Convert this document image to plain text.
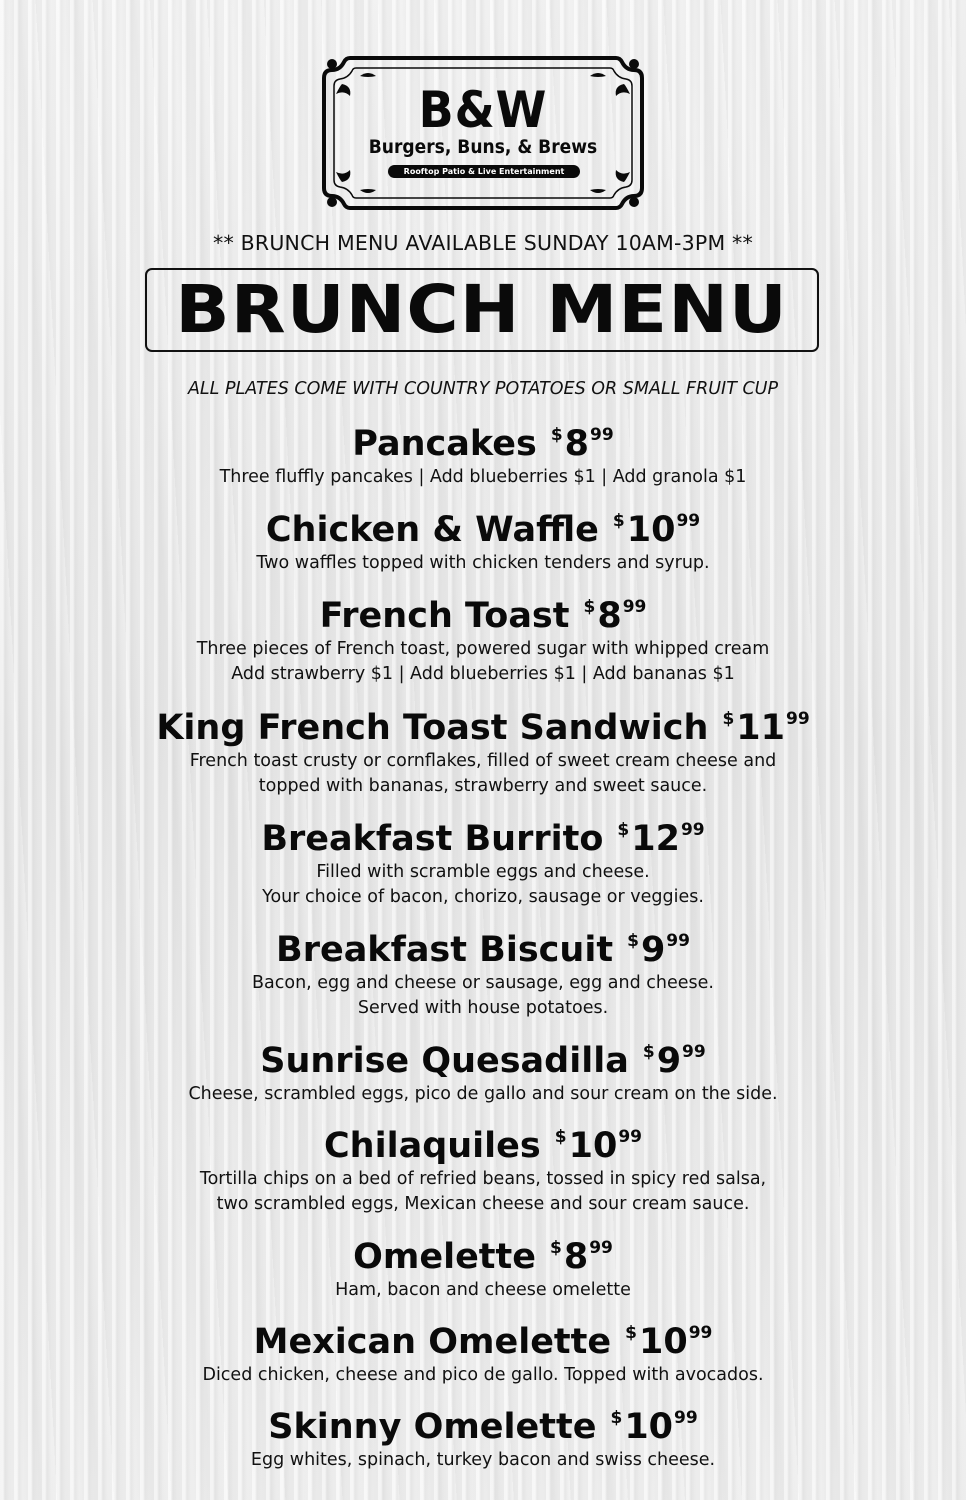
B&W
Burgers, Buns, & Brews
Rooftop Patio & Live Entertainment
** BRUNCH MENU AVAILABLE SUNDAY 10AM-3PM **
BRUNCH MENU
ALL PLATES COME WITH COUNTRY POTATOES OR SMALL FRUIT CUP
Pancakes $^{\$}8^{99}$
Three fluffly pancakes | Add blueberries $1 | Add granola $1
Chicken & Waffle $^{\$}10^{99}$
Two waffles topped with chicken tenders and syrup.
French Toast $^{\$}8^{99}$
Three pieces of French toast, powered sugar with whipped cream
Add strawberry $1 | Add blueberries $1 | Add bananas $1
King French Toast Sandwich $^{\$}11^{99}$
French toast crusty or cornflakes, filled of sweet cream cheese and
topped with bananas, strawberry and sweet sauce.
Breakfast Burrito $^{\$}12^{99}$
Filled with scramble eggs and cheese.
Your choice of bacon, chorizo, sausage or veggies.
Breakfast Biscuit $^{\$}9^{99}$
Bacon, egg and cheese or sausage, egg and cheese.
Served with house potatoes.
Sunrise Quesadilla $^{\$}9^{99}$
Cheese, scrambled eggs, pico de gallo and sour cream on the side.
Chilaquiles $^{\$}10^{99}$
Tortilla chips on a bed of refried beans, tossed in spicy red salsa,
two scrambled eggs, Mexican cheese and sour cream sauce.
Omelette $^{\$}8^{99}$
Ham, bacon and cheese omelette
Mexican Omelette $^{\$}10^{99}$
Diced chicken, cheese and pico de gallo. Topped with avocados.
Skinny Omelette $^{\$}10^{99}$
Egg whites, spinach, turkey bacon and swiss cheese.
